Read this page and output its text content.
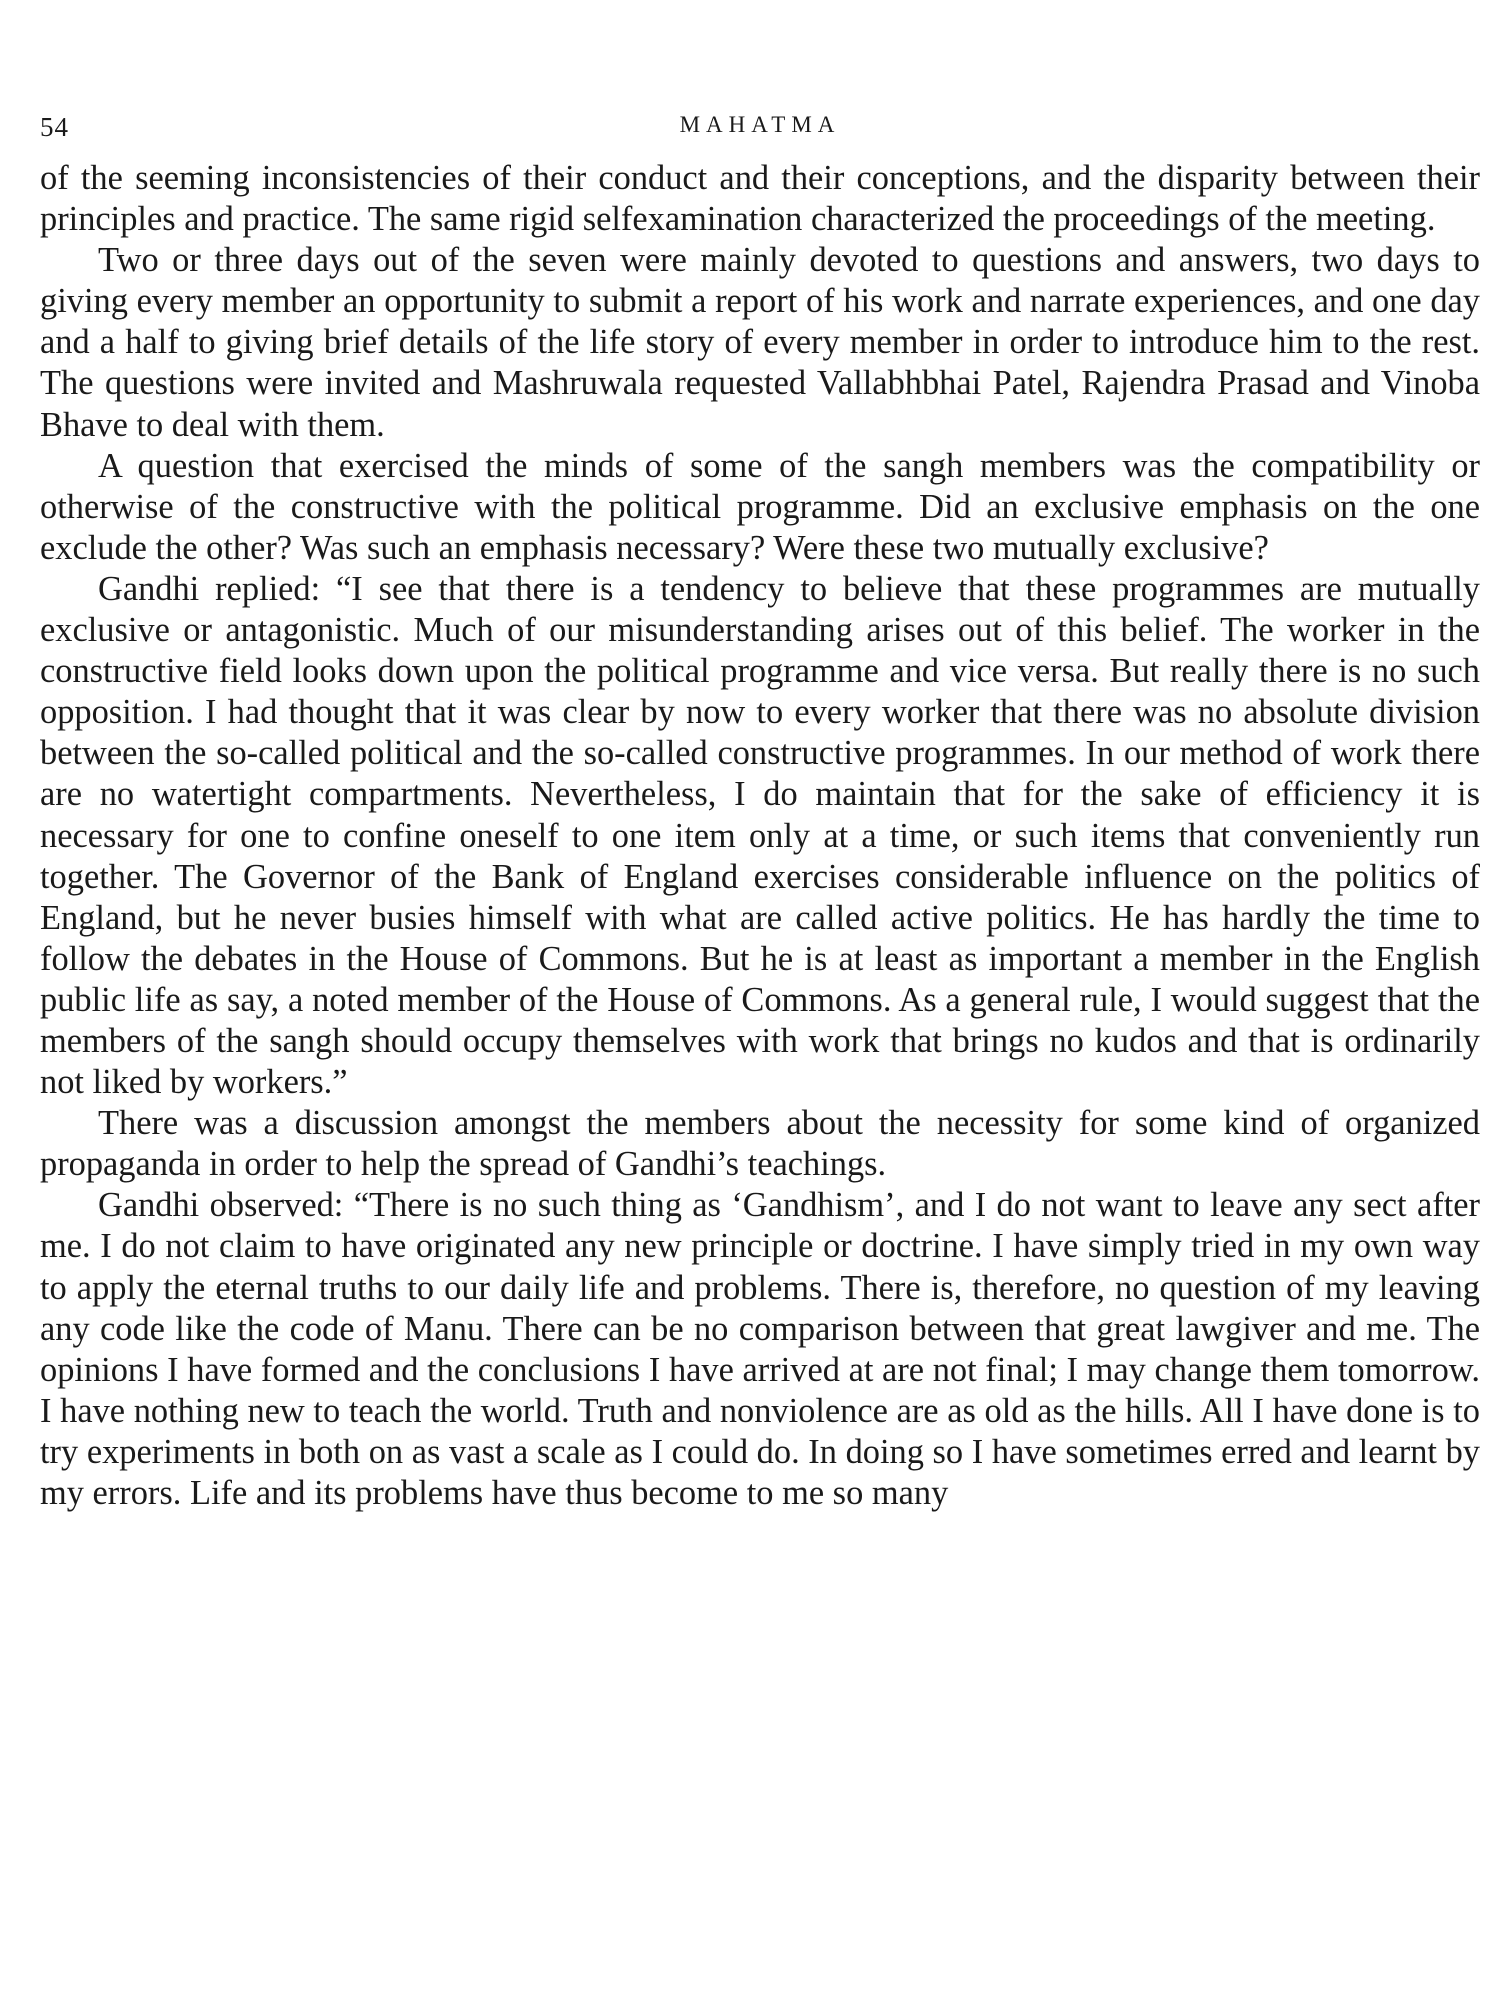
54	MAHATMA

of the seeming inconsistencies of their conduct and their conceptions, and the disparity between their principles and practice. The same rigid selfexamination characterized the proceedings of the meeting.

Two or three days out of the seven were mainly devoted to questions and answers, two days to giving every member an opportunity to submit a report of his work and narrate experiences, and one day and a half to giving brief details of the life story of every member in order to introduce him to the rest. The questions were invited and Mashruwala requested Vallabhbhai Patel, Rajendra Prasad and Vinoba Bhave to deal with them.

A question that exercised the minds of some of the sangh members was the compatibility or otherwise of the constructive with the political programme. Did an exclusive emphasis on the one exclude the other? Was such an emphasis necessary? Were these two mutually exclusive?

Gandhi replied: “I see that there is a tendency to believe that these programmes are mutually exclusive or antagonistic. Much of our misunderstanding arises out of this belief. The worker in the constructive field looks down upon the political programme and vice versa. But really there is no such opposition. I had thought that it was clear by now to every worker that there was no absolute division between the so-called political and the so-called constructive programmes. In our method of work there are no watertight compartments. Nevertheless, I do maintain that for the sake of efficiency it is necessary for one to confine oneself to one item only at a time, or such items that conveniently run together. The Governor of the Bank of England exercises considerable influence on the politics of England, but he never busies himself with what are called active politics. He has hardly the time to follow the debates in the House of Commons. But he is at least as important a member in the English public life as say, a noted member of the House of Commons. As a general rule, I would suggest that the members of the sangh should occupy themselves with work that brings no kudos and that is ordinarily not liked by workers.”

There was a discussion amongst the members about the necessity for some kind of organized propaganda in order to help the spread of Gandhi’s teachings.

Gandhi observed: “There is no such thing as ‘Gandhism’, and I do not want to leave any sect after me. I do not claim to have originated any new principle or doctrine. I have simply tried in my own way to apply the eternal truths to our daily life and problems. There is, therefore, no question of my leaving any code like the code of Manu. There can be no comparison between that great lawgiver and me. The opinions I have formed and the conclusions I have arrived at are not final; I may change them tomorrow. I have nothing new to teach the world. Truth and nonviolence are as old as the hills. All I have done is to try experiments in both on as vast a scale as I could do. In doing so I have sometimes erred and learnt by my errors. Life and its problems have thus become to me so many
